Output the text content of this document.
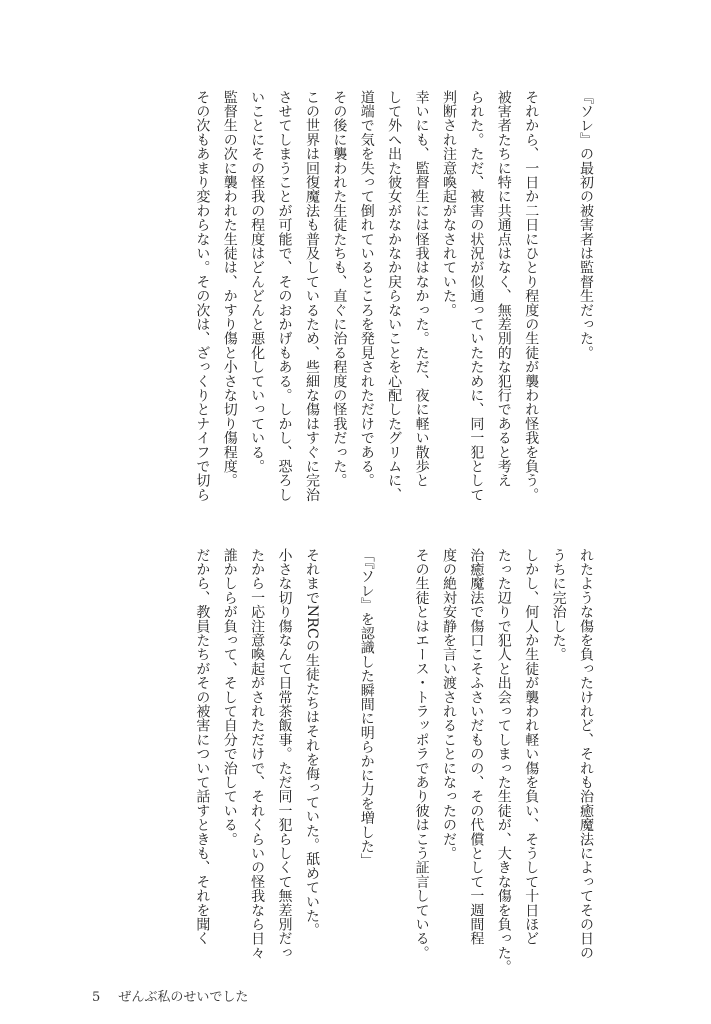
『ソレ』の最初の被害者は監督生だった。

それから、一日か二日にひとり程度の生徒が襲われ怪我を負う。
被害者たちに特に共通点はなく、無差別的な犯行であると考え
られた。ただ、被害の状況が似通っていたために、同一犯として
判断され注意喚起がなされていた。
幸いにも、監督生には怪我はなかった。ただ、夜に軽い散歩と
して外へ出た彼女がなかなか戻らないことを心配したグリムに、
道端で気を失って倒れているところを発見されただけである。
その後に襲われた生徒たちも、直ぐに治る程度の怪我だった。
この世界は回復魔法も普及しているため、些細な傷はすぐに完治
させてしまうことが可能で、そのおかげもある。しかし、恐ろし
いことにその怪我の程度はどんどんと悪化していっている。
監督生の次に襲われた生徒は、かすり傷と小さな切り傷程度。
その次もあまり変わらない。その次は、ざっくりとナイフで切ら
れたような傷を負ったけれど、それも治癒魔法によってその日の
うちに完治した。
しかし、何人か生徒が襲われ軽い傷を負い、そうして十日ほど
たった辺りで犯人と出会ってしまった生徒が、大きな傷を負った。
治癒魔法で傷口こそふさいだものの、その代償として一週間程
度の絶対安静を言い渡されることになったのだ。
その生徒とはエース・トラッポラであり彼はこう証言している。

「『ソレ』を認識した瞬間に明らかに力を増した」

それまでNRCの生徒たちはそれを侮っていた。舐めていた。
小さな切り傷なんて日常茶飯事。ただ同一犯らしくて無差別だっ
たから一応注意喚起がされただけで、それくらいの怪我なら日々
誰かしらが負って、そして自分で治している。
だから、教員たちがその被害について話すときも、それを聞く
5 ぜんぶ私のせいでした
